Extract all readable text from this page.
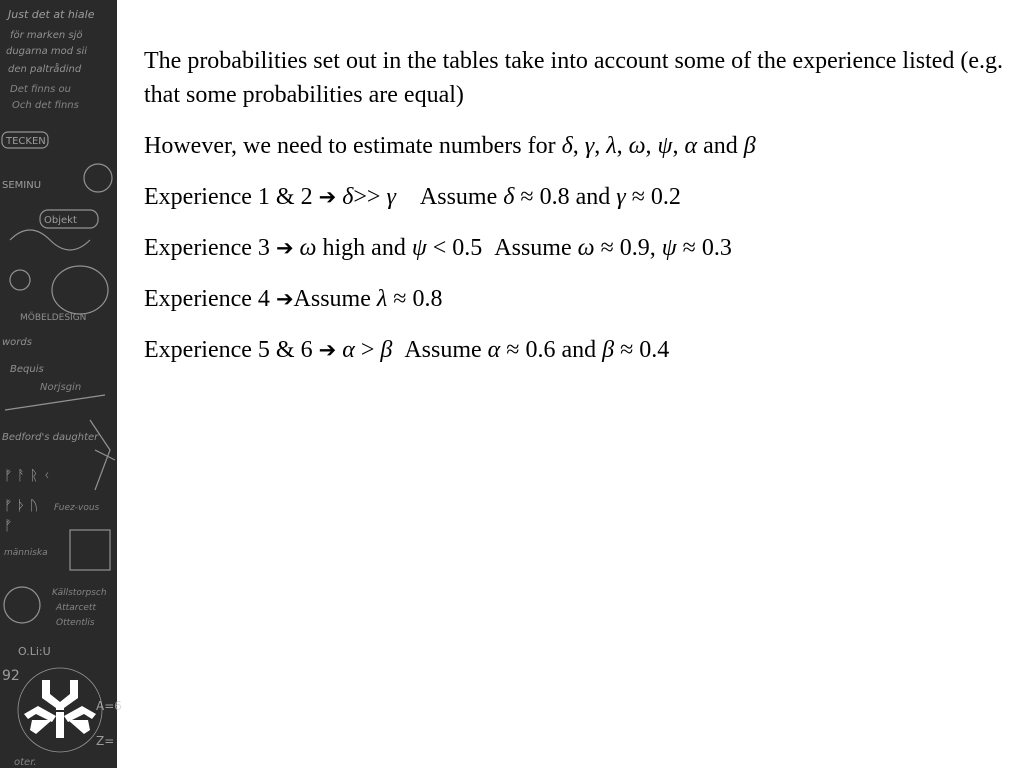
Just det at hiale
för marken sjö
dugarna mod sii
den paltrådind
Det finns ou
Och det finns
TECKEN
SEMINU
Objekt
MÖBELDESIGN
words
Bequis
Norjsgin
Bedford's daughter
ᚠ ᚨ ᚱ ᚲ
ᚠ ᚦ ᚢ Fuez-vous
ᚠ
människa
Källstorpsch
Attarcett
Ottentlis
O.Li:U
92
A=6
Z=
oter.

The probabilities set out in the tables take into account some of the experience listed (e.g. that some probabilities are equal)

However, we need to estimate numbers for δ, γ, λ, ω, ψ, α and β

Experience 1 & 2 ➔ δ>> γ Assume δ ≈ 0.8 and γ ≈ 0.2

Experience 3 ➔ ω high and ψ < 0.5 Assume ω ≈ 0.9, ψ ≈ 0.3

Experience 4 ➔Assume λ ≈ 0.8

Experience 5 & 6 ➔ α > β Assume α ≈ 0.6 and β ≈ 0.4
